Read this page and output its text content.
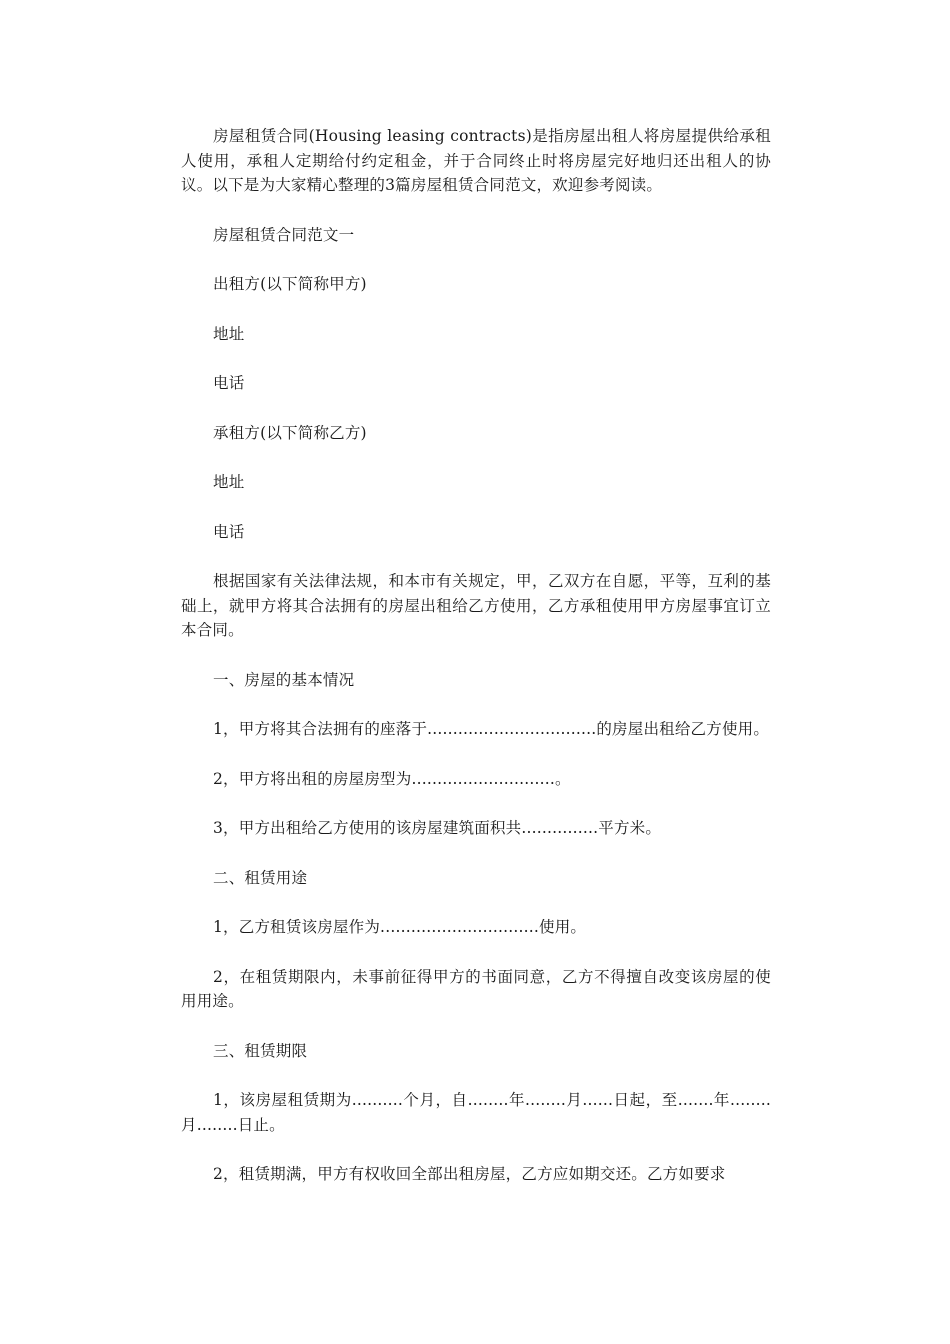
房屋租赁合同(Housing leasing contracts)是指房屋出租人将房屋提供给承租人使用，承租人定期给付约定租金，并于合同终止时将房屋完好地归还出租人的协议。以下是为大家精心整理的3篇房屋租赁合同范文，欢迎参考阅读。

房屋租赁合同范文一

出租方(以下简称甲方)

地址

电话

承租方(以下简称乙方)

地址

电话

根据国家有关法律法规，和本市有关规定，甲，乙双方在自愿，平等，互利的基础上，就甲方将其合法拥有的房屋出租给乙方使用，乙方承租使用甲方房屋事宜订立本合同。

一、房屋的基本情况

1，甲方将其合法拥有的座落于.................................的房屋出租给乙方使用。

2，甲方将出租的房屋房型为............................。

3，甲方出租给乙方使用的该房屋建筑面积共...............平方米。

二、租赁用途

1，乙方租赁该房屋作为...............................使用。

2，在租赁期限内，未事前征得甲方的书面同意，乙方不得擅自改变该房屋的使用用途。

三、租赁期限

1，该房屋租赁期为..........个月，自........年........月......日起，至.......年........月........日止。

2，租赁期满，甲方有权收回全部出租房屋，乙方应如期交还。乙方如要求
